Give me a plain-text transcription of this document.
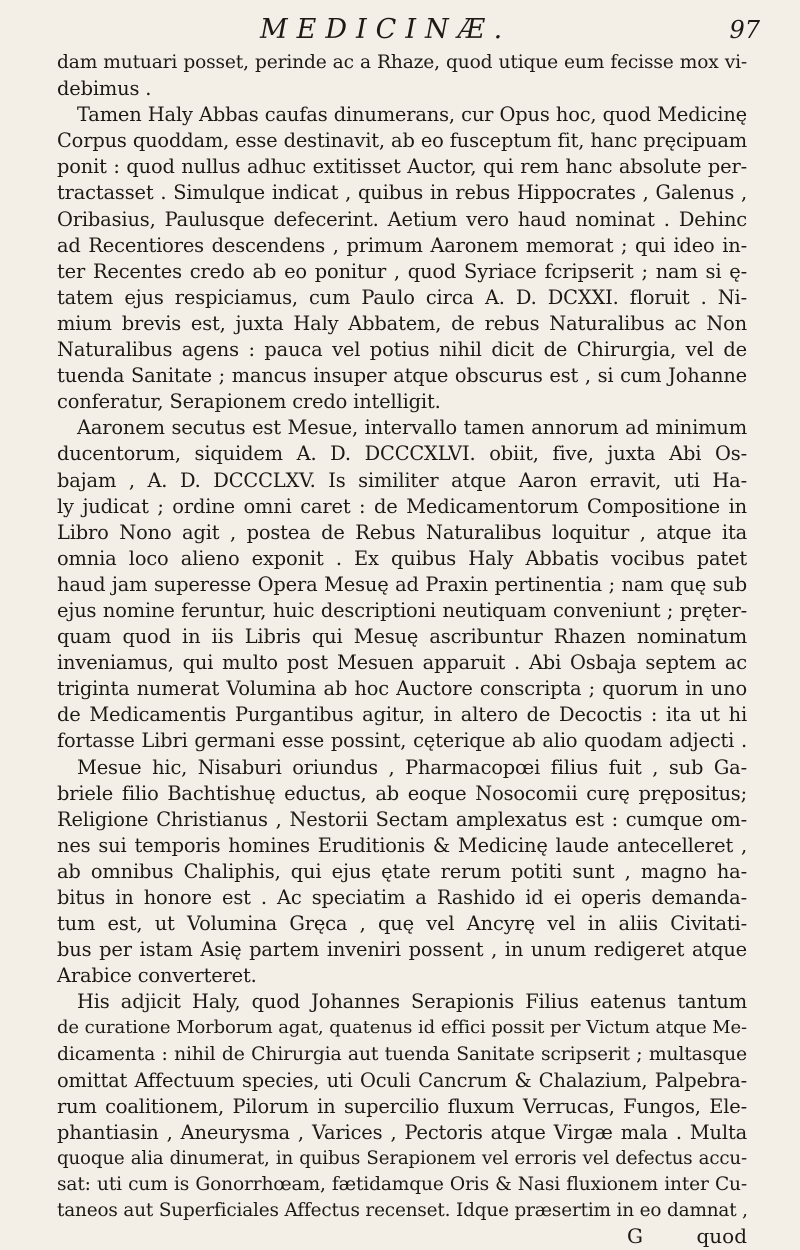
MEDICINÆ.	97
dam mutuari posset, perinde ac a Rhaze, quod utique eum fecisse mox vi-
debimus .
Tamen Haly Abbas caufas dinumerans, cur Opus hoc, quod Medicinę
Corpus quoddam, esse destinavit, ab eo fusceptum fit, hanc pręcipuam
ponit : quod nullus adhuc extitisset Auctor, qui rem hanc absolute per-
tractasset . Simulque indicat , quibus in rebus Hippocrates , Galenus ,
Oribasius, Paulusque defecerint. Aetium vero haud nominat . Dehinc
ad Recentiores descendens , primum Aaronem memorat ; qui ideo in-
ter Recentes credo ab eo ponitur , quod Syriace fcripserit ; nam si ę-
tatem ejus respiciamus, cum Paulo circa A. D. DCXXI. floruit . Ni-
mium brevis est, juxta Haly Abbatem, de rebus Naturalibus ac Non
Naturalibus agens : pauca vel potius nihil dicit de Chirurgia, vel de
tuenda Sanitate ; mancus insuper atque obscurus est , si cum Johanne
conferatur, Serapionem credo intelligit.
Aaronem secutus est Mesue, intervallo tamen annorum ad minimum
ducentorum, siquidem A. D. DCCCXLVI. obiit, five, juxta Abi Os-
bajam , A. D. DCCCLXV. Is similiter atque Aaron erravit, uti Ha-
ly judicat ; ordine omni caret : de Medicamentorum Compositione in
Libro Nono agit , postea de Rebus Naturalibus loquitur , atque ita
omnia loco alieno exponit . Ex quibus Haly Abbatis vocibus patet
haud jam superesse Opera Mesuę ad Praxin pertinentia ; nam quę sub
ejus nomine feruntur, huic descriptioni neutiquam conveniunt ; pręter-
quam quod in iis Libris qui Mesuę ascribuntur Rhazen nominatum
inveniamus, qui multo post Mesuen apparuit . Abi Osbaja septem ac
triginta numerat Volumina ab hoc Auctore conscripta ; quorum in uno
de Medicamentis Purgantibus agitur, in altero de Decoctis : ita ut hi
fortasse Libri germani esse possint, cęterique ab alio quodam adjecti .
Mesue hic, Nisaburi oriundus , Pharmacopœi filius fuit , sub Ga-
briele filio Bachtishuę eductus, ab eoque Nosocomii curę prępositus;
Religione Christianus , Nestorii Sectam amplexatus est : cumque om-
nes sui temporis homines Eruditionis & Medicinę laude antecelleret ,
ab omnibus Chaliphis, qui ejus ętate rerum potiti sunt , magno ha-
bitus in honore est . Ac speciatim a Rashido id ei operis demanda-
tum est, ut Volumina Gręca , quę vel Ancyrę vel in aliis Civitati-
bus per istam Asię partem inveniri possent , in unum redigeret atque
Arabice converteret.
His adjicit Haly, quod Johannes Serapionis Filius eatenus tantum
de curatione Morborum agat, quatenus id effici possit per Victum atque Me-
dicamenta : nihil de Chirurgia aut tuenda Sanitate scripserit ; multasque
omittat Affectuum species, uti Oculi Cancrum & Chalazium, Palpebra-
rum coalitionem, Pilorum in supercilio fluxum Verrucas, Fungos, Ele-
phantiasin , Aneurysma , Varices , Pectoris atque Virgæ mala . Multa
quoque alia dinumerat, in quibus Serapionem vel erroris vel defectus accu-
sat: uti cum is Gonorrhœam, fætidamque Oris & Nasi fluxionem inter Cu-
taneos aut Superficiales Affectus recenset. Idque præsertim in eo damnat ,
G	quod
